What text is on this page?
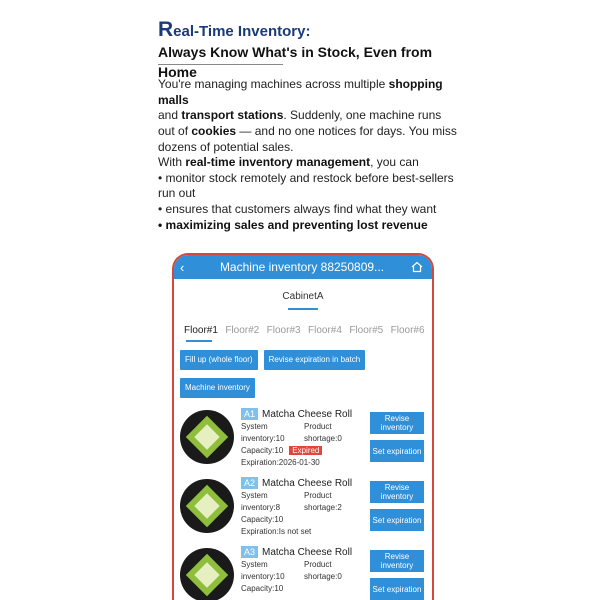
Real-Time Inventory:
Always Know What's in Stock, Even from Home
You're managing machines across multiple shopping malls
and transport stations. Suddenly, one machine runs out of cookies — and no one notices for days. You miss dozens of potential sales.
With real-time inventory management, you can
• monitor stock remotely and restock before best-sellers run out
• ensures that customers always find what they want
• maximizing sales and preventing lost revenue
‹	Machine inventory 88250809...
CabinetA
Floor#1 Floor#2 Floor#3 Floor#4 Floor#5 Floor#6
Fill up (whole floor)	Revise expiration in batch
Machine inventory
A1 Matcha Cheese Roll
System
inventory:10
Capacity:10 Expired
Expiration:2026-01-30
Product
shortage:0
Revise inventory
Set expiration
A2 Matcha Cheese Roll
System
inventory:8
Capacity:10
Expiration:Is not set
Product
shortage:2
Revise inventory
Set expiration
A3 Matcha Cheese Roll
System
inventory:10
Capacity:10
Product
shortage:0
Revise inventory
Set expiration
